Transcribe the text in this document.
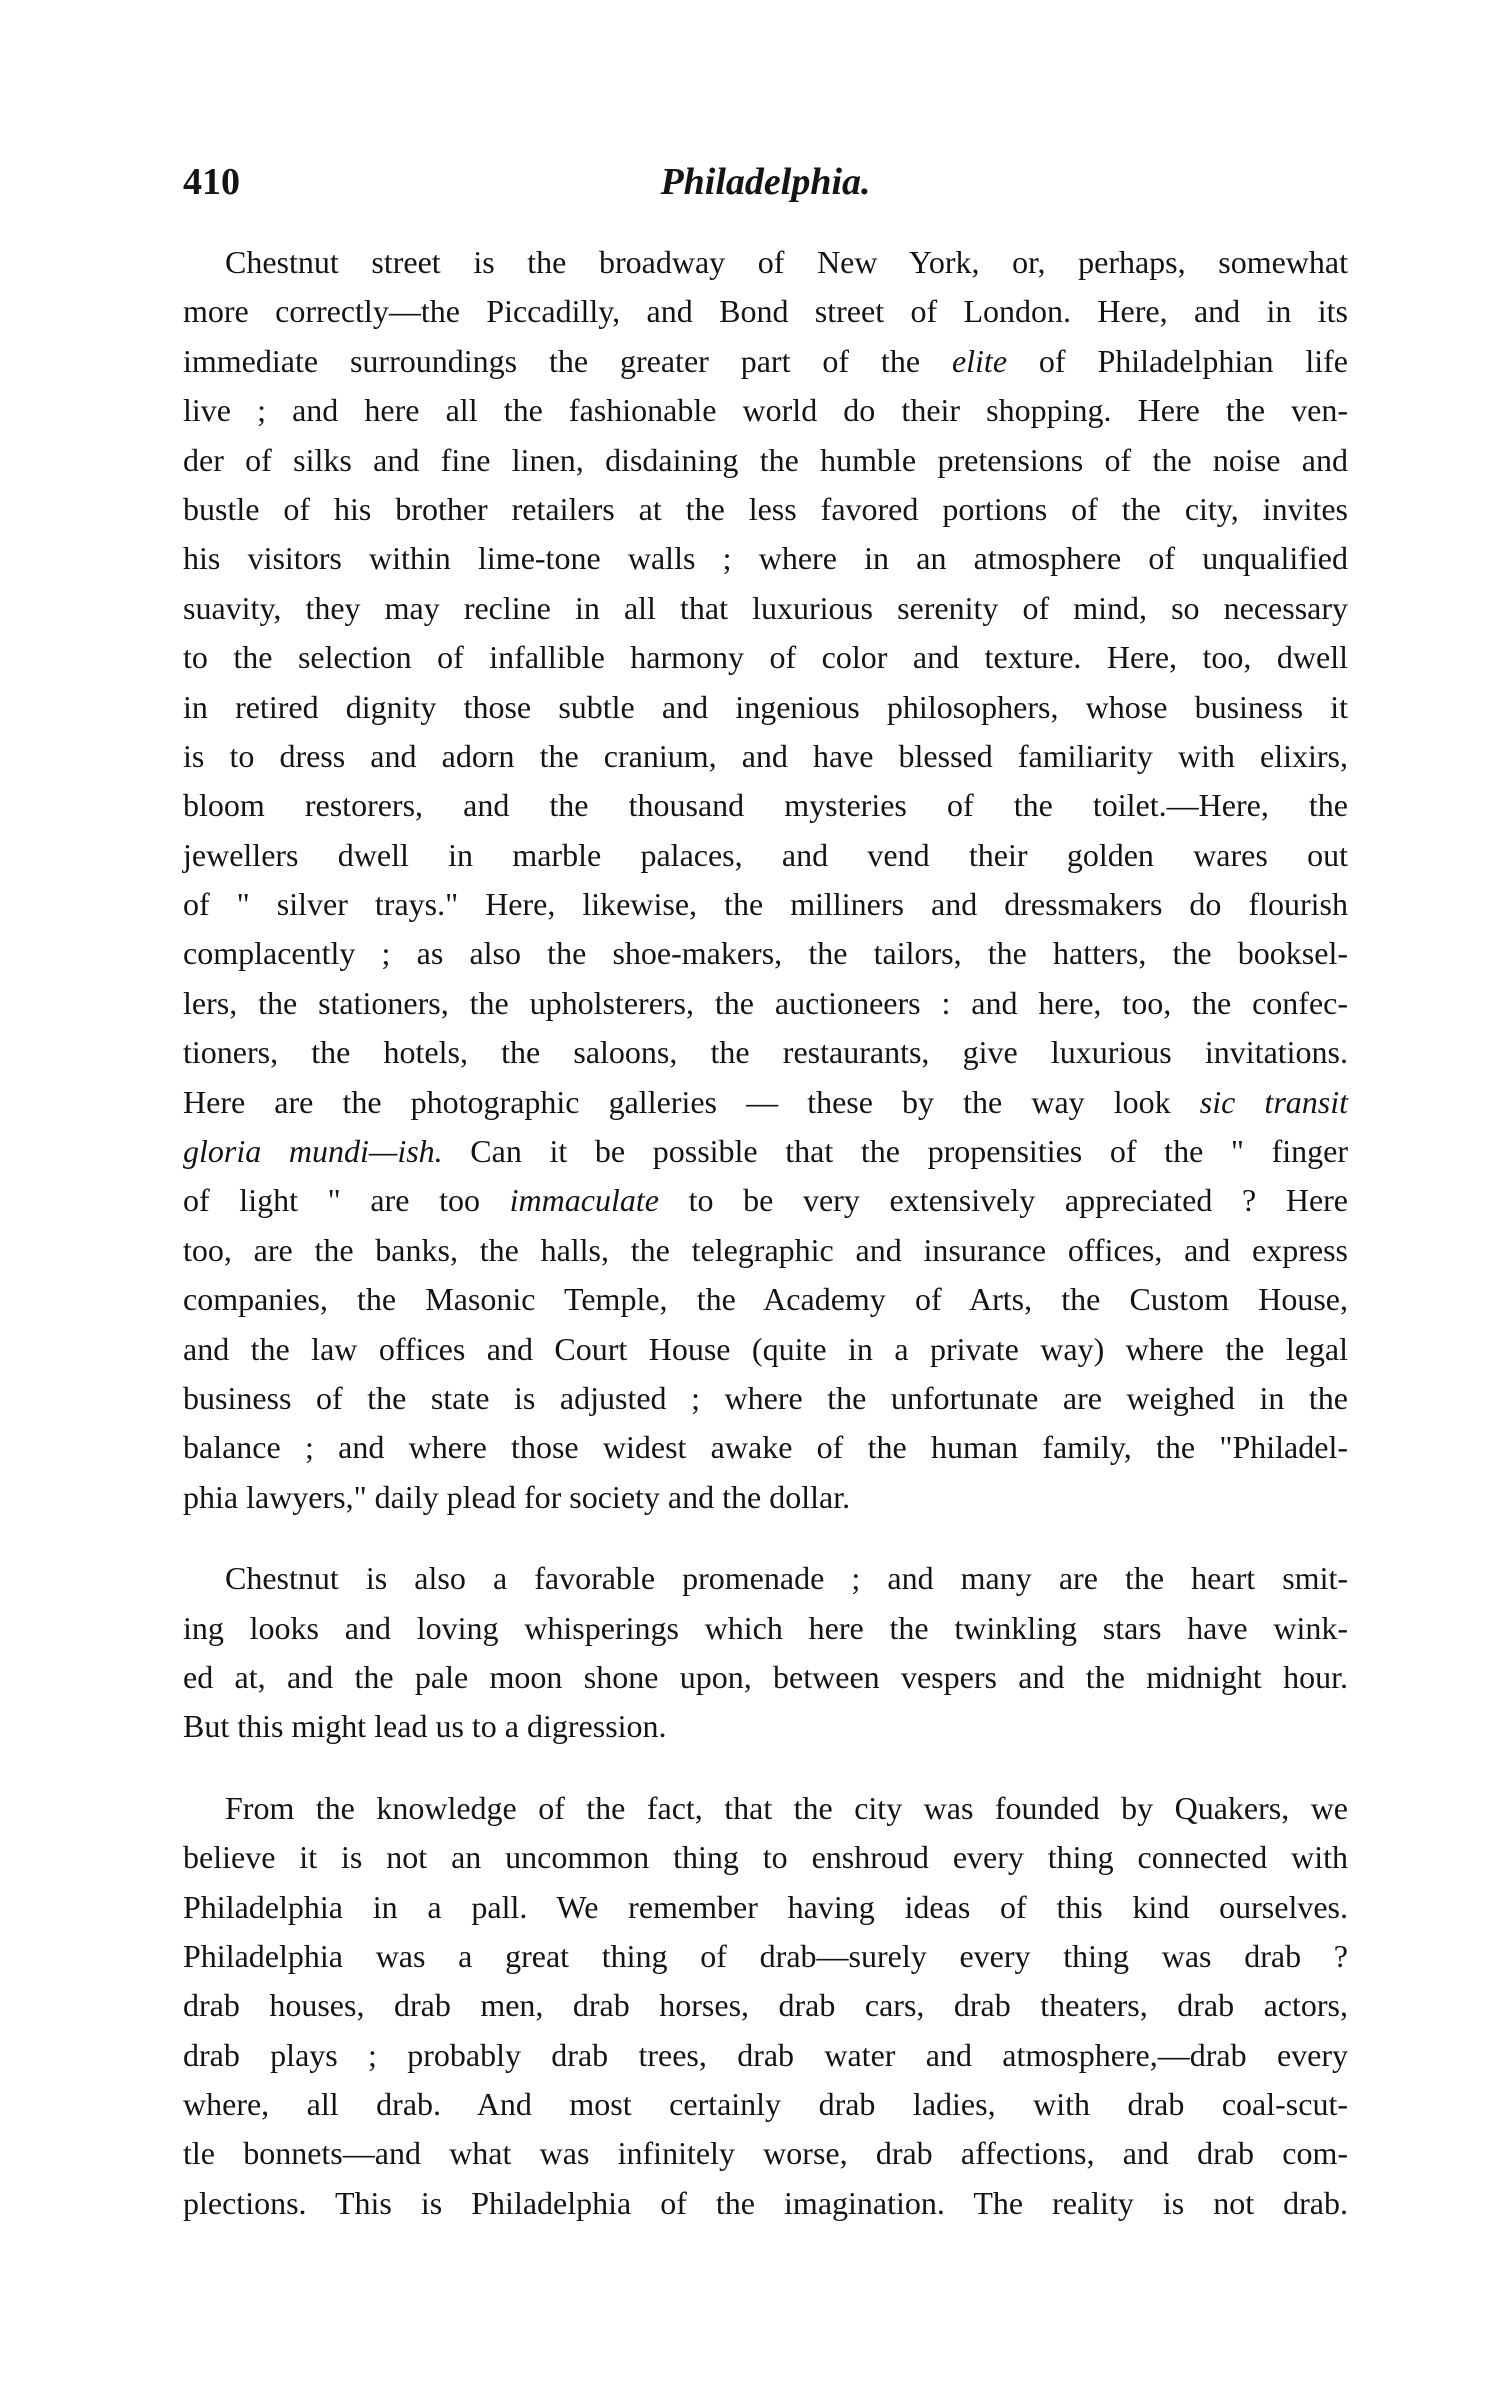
410	Philadelphia.
Chestnut street is the broadway of New York, or, perhaps, somewhat
more correctly—the Piccadilly, and Bond street of London. Here, and in its
immediate surroundings the greater part of the elite of Philadelphian life
live ; and here all the fashionable world do their shopping. Here the ven-
der of silks and fine linen, disdaining the humble pretensions of the noise and
bustle of his brother retailers at the less favored portions of the city, invites
his visitors within lime-tone walls ; where in an atmosphere of unqualified
suavity, they may recline in all that luxurious serenity of mind, so necessary
to the selection of infallible harmony of color and texture. Here, too, dwell
in retired dignity those subtle and ingenious philosophers, whose business it
is to dress and adorn the cranium, and have blessed familiarity with elixirs,
bloom restorers, and the thousand mysteries of the toilet.—Here, the
jewellers dwell in marble palaces, and vend their golden wares out
of " silver trays." Here, likewise, the milliners and dressmakers do flourish
complacently ; as also the shoe-makers, the tailors, the hatters, the booksel-
lers, the stationers, the upholsterers, the auctioneers : and here, too, the confec-
tioners, the hotels, the saloons, the restaurants, give luxurious invitations.
Here are the photographic galleries — these by the way look sic transit
gloria mundi—ish. Can it be possible that the propensities of the " finger
of light " are too immaculate to be very extensively appreciated ? Here
too, are the banks, the halls, the telegraphic and insurance offices, and express
companies, the Masonic Temple, the Academy of Arts, the Custom House,
and the law offices and Court House (quite in a private way) where the legal
business of the state is adjusted ; where the unfortunate are weighed in the
balance ; and where those widest awake of the human family, the "Philadel-
phia lawyers," daily plead for society and the dollar.
Chestnut is also a favorable promenade ; and many are the heart smit-
ing looks and loving whisperings which here the twinkling stars have wink-
ed at, and the pale moon shone upon, between vespers and the midnight hour.
But this might lead us to a digression.
From the knowledge of the fact, that the city was founded by Quakers, we
believe it is not an uncommon thing to enshroud every thing connected with
Philadelphia in a pall. We remember having ideas of this kind ourselves.
Philadelphia was a great thing of drab—surely every thing was drab ?
drab houses, drab men, drab horses, drab cars, drab theaters, drab actors,
drab plays ; probably drab trees, drab water and atmosphere,—drab every
where, all drab. And most certainly drab ladies, with drab coal-scut-
tle bonnets—and what was infinitely worse, drab affections, and drab com-
plections. This is Philadelphia of the imagination. The reality is not drab.
